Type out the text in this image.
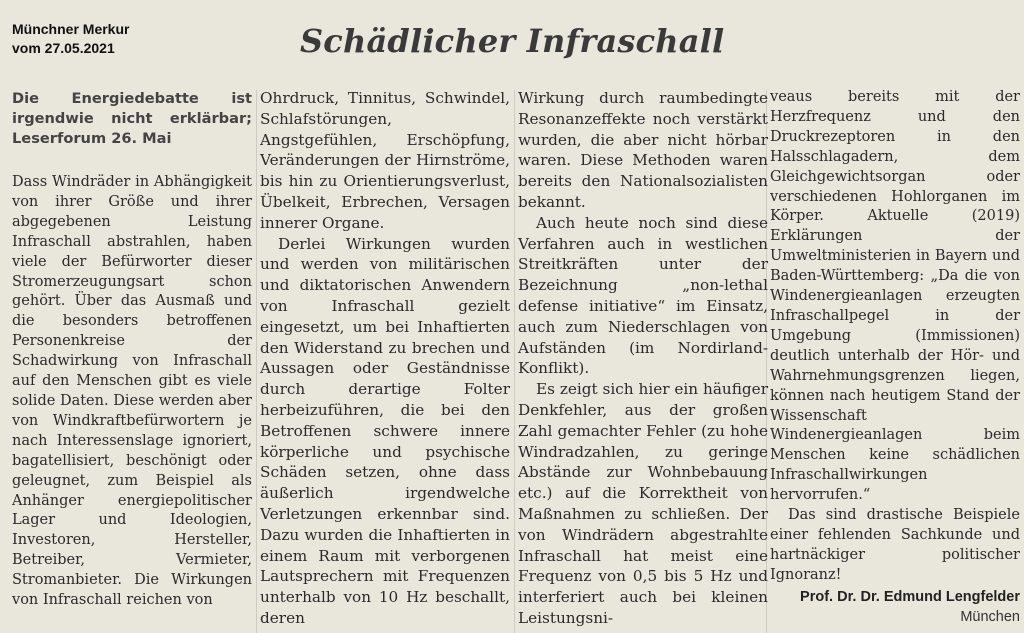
Münchner Merkur
vom 27.05.2021	Schädlicher Infraschall
Die Energiedebatte ist irgendwie nicht erklärbar; Leserforum 26. Mai

Dass Windräder in Abhängigkeit von ihrer Größe und ihrer abgegebenen Leistung Infraschall abstrahlen, haben viele der Befürworter dieser Stromerzeugungsart schon gehört. Über das Ausmaß und die besonders betroffenen Personenkreise der Schadwirkung von Infraschall auf den Menschen gibt es viele solide Daten. Diese werden aber von Windkraftbefürwortern je nach Interessenslage ignoriert, bagatellisiert, beschönigt oder geleugnet, zum Beispiel als Anhänger energiepolitischer Lager und Ideologien, Investoren, Hersteller, Betreiber, Vermieter, Stromanbieter. Die Wirkungen von Infraschall reichen von

Ohrdruck, Tinnitus, Schwindel, Schlafstörungen, Angstgefühlen, Erschöpfung, Veränderungen der Hirnströme, bis hin zu Orientierungsverlust, Übelkeit, Erbrechen, Versagen innerer Organe.

Derlei Wirkungen wurden und werden von militärischen und diktatorischen Anwendern von Infraschall gezielt eingesetzt, um bei Inhaftierten den Widerstand zu brechen und Aussagen oder Geständnisse durch derartige Folter herbeizuführen, die bei den Betroffenen schwere innere körperliche und psychische Schäden setzen, ohne dass äußerlich irgendwelche Verletzungen erkennbar sind. Dazu wurden die Inhaftierten in einem Raum mit verborgenen Lautsprechern mit Frequenzen unterhalb von 10 Hz beschallt, deren

Wirkung durch raumbedingte Resonanzeffekte noch verstärkt wurden, die aber nicht hörbar waren. Diese Methoden waren bereits den Nationalsozialisten bekannt.

Auch heute noch sind diese Verfahren auch in westlichen Streitkräften unter der Bezeichnung „non-lethal defense initiative“ im Einsatz, auch zum Niederschlagen von Aufständen (im Nordirland-Konflikt).

Es zeigt sich hier ein häufiger Denkfehler, aus der großen Zahl gemachter Fehler (zu hohe Windradzahlen, zu geringe Abstände zur Wohnbebauung etc.) auf die Korrektheit von Maßnahmen zu schließen. Der von Windrädern abgestrahlte Infraschall hat meist eine Frequenz von 0,5 bis 5 Hz und interferiert auch bei kleinen Leistungsni-

veaus bereits mit der Herzfrequenz und den Druckrezeptoren in den Halsschlagadern, dem Gleichgewichtsorgan oder verschiedenen Hohlorganen im Körper. Aktuelle (2019) Erklärungen der Umweltministerien in Bayern und Baden-Württemberg: „Da die von Windenergieanlagen erzeugten Infraschallpegel in der Umgebung (Immissionen) deutlich unterhalb der Hör- und Wahrnehmungsgrenzen liegen, können nach heutigem Stand der Wissenschaft Windenergieanlagen beim Menschen keine schädlichen Infraschallwirkungen hervorrufen.“

Das sind drastische Beispiele einer fehlenden Sachkunde und hartnäckiger politischer Ignoranz!

Prof. Dr. Dr. Edmund Lengfelder
München
